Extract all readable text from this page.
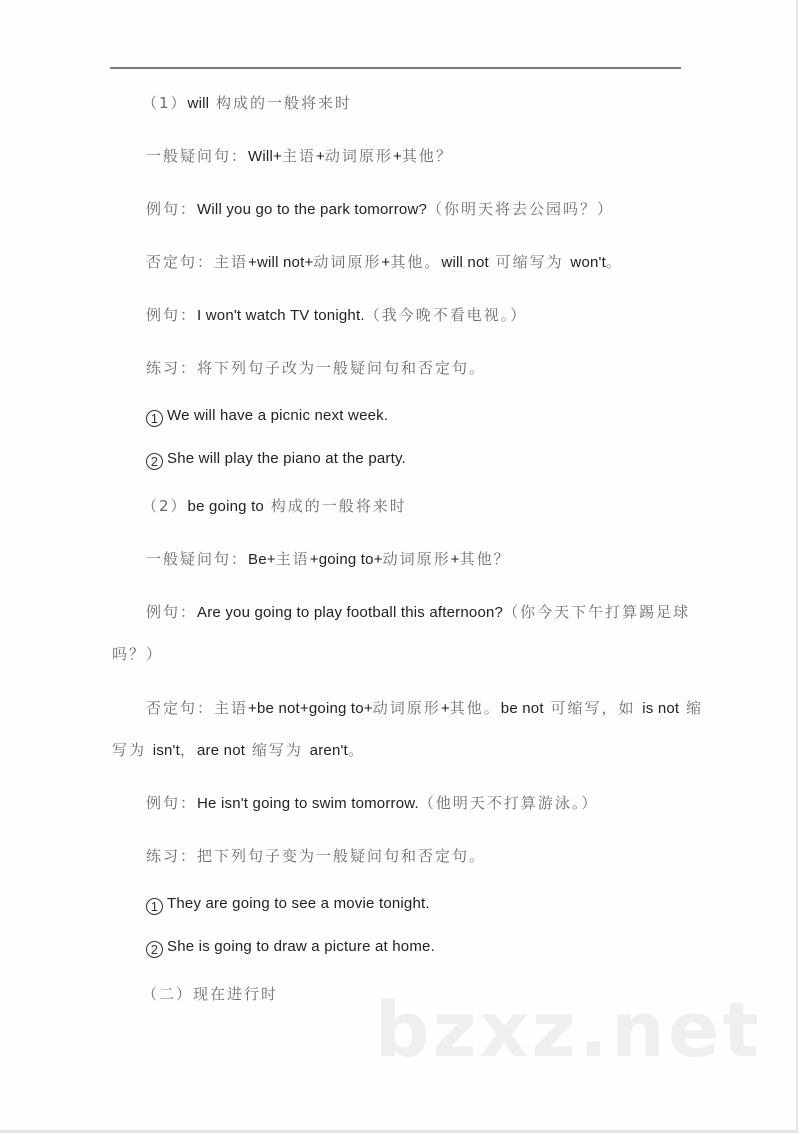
（1）will 构成的一般将来时
一般疑问句：Will+主语+动词原形+其他？
例句：Will you go to the park tomorrow?（你明天将去公园吗？）
否定句：主语+will not+动词原形+其他。will not 可缩写为 won't。
例句：I won't watch TV tonight.（我今晚不看电视。）
练习：将下列句子改为一般疑问句和否定句。
1 We will have a picnic next week.
2 She will play the piano at the party.
（2）be going to 构成的一般将来时
一般疑问句：Be+主语+going to+动词原形+其他？
例句：Are you going to play football this afternoon?（你今天下午打算踢足球
吗？）
否定句：主语+be not+going to+动词原形+其他。be not 可缩写，如 is not 缩
写为 isn't，are not 缩写为 aren't。
例句：He isn't going to swim tomorrow.（他明天不打算游泳。）
练习：把下列句子变为一般疑问句和否定句。
1 They are going to see a movie tonight.
2 She is going to draw a picture at home.
（二）现在进行时 bzxz.net
